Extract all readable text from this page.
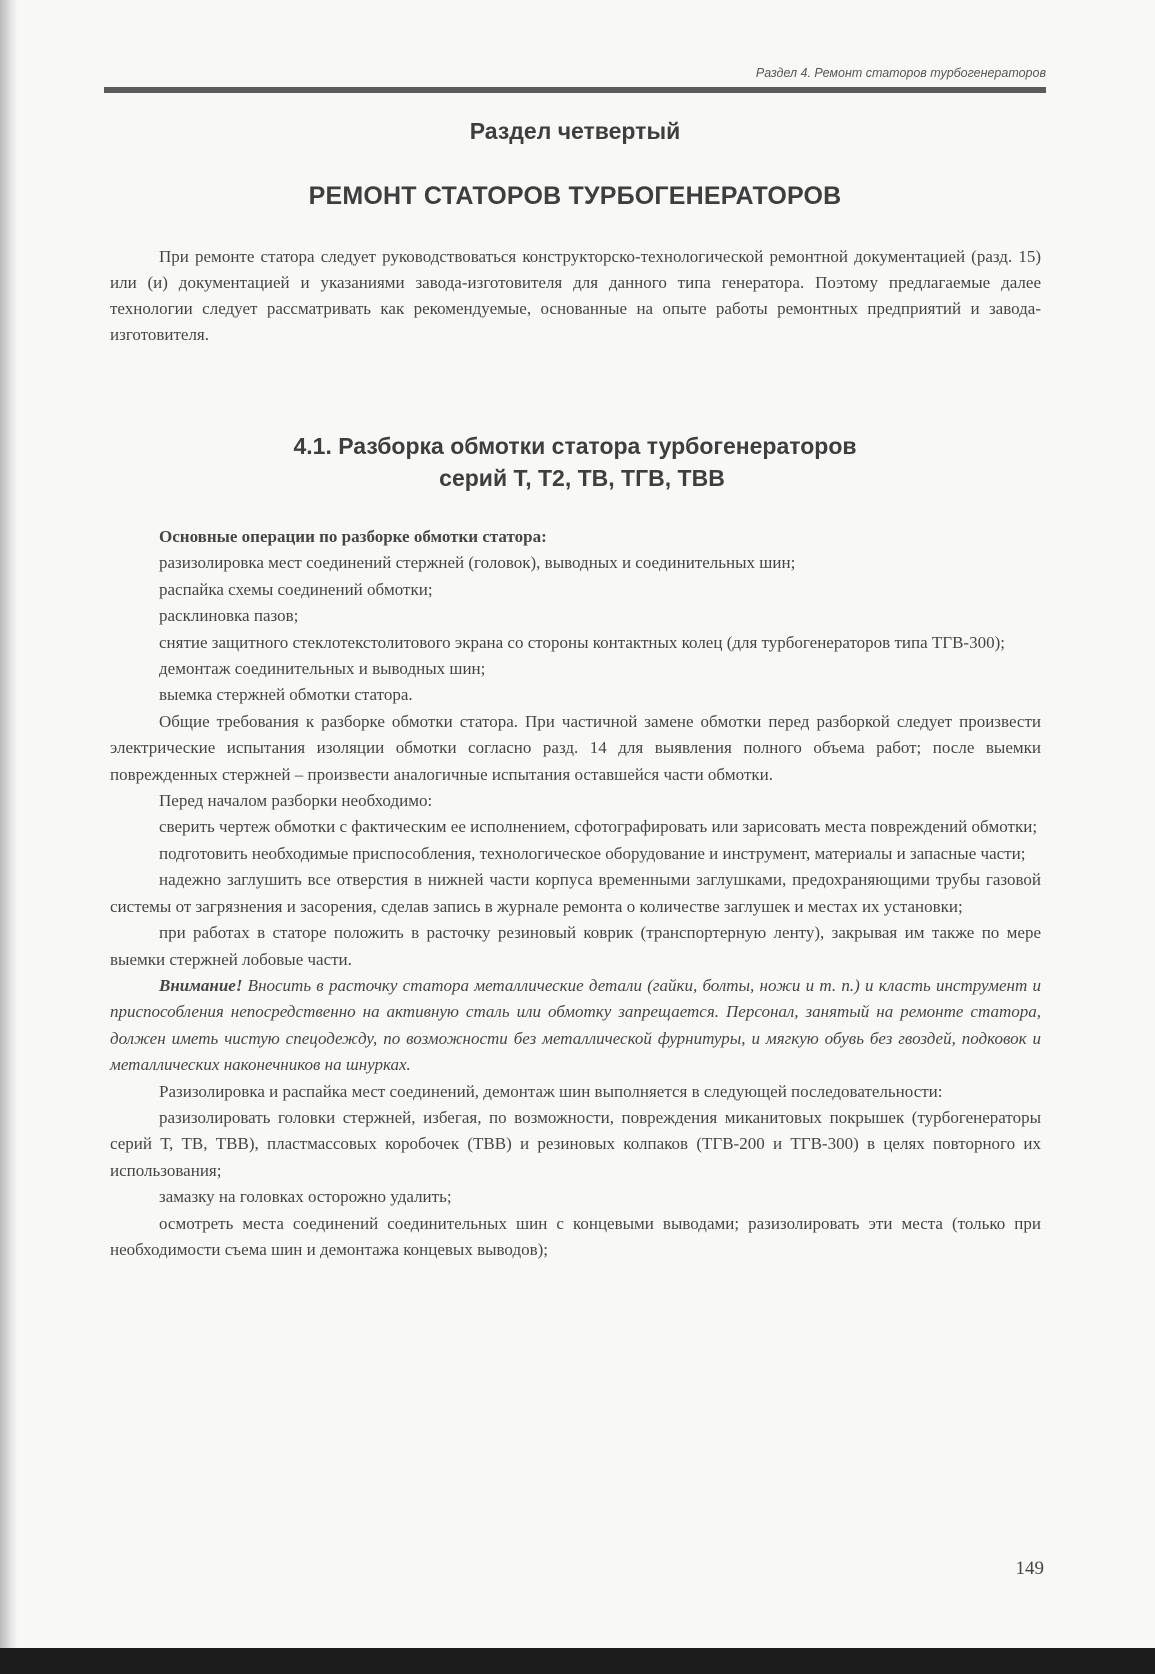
Раздел 4. Ремонт статоров турбогенераторов
Раздел четвертый
РЕМОНТ СТАТОРОВ ТУРБОГЕНЕРАТОРОВ

При ремонте статора следует руководствоваться конструкторско-технологической ремонтной документацией (разд. 15) или (и) документацией и указаниями завода-изготовителя для данного типа генератора. Поэтому предлагаемые далее технологии следует рассматривать как рекомендуемые, основанные на опыте работы ремонтных предприятий и завода-изготовителя.

4.1. Разборка обмотки статора турбогенераторов
серий Т, Т2, ТВ, ТГВ, ТВВ

Основные операции по разборке обмотки статора:

разизолировка мест соединений стержней (головок), выводных и соединительных шин;

распайка схемы соединений обмотки;

расклиновка пазов;

снятие защитного стеклотекстолитового экрана со стороны контактных колец (для турбогенераторов типа ТГВ-300);

демонтаж соединительных и выводных шин;

выемка стержней обмотки статора.

Общие требования к разборке обмотки статора. При частичной замене обмотки перед разборкой следует произвести электрические испытания изоляции обмотки согласно разд. 14 для выявления полного объема работ; после выемки поврежденных стержней – произвести аналогичные испытания оставшейся части обмотки.

Перед началом разборки необходимо:

сверить чертеж обмотки с фактическим ее исполнением, сфотографировать или зарисовать места повреждений обмотки;

подготовить необходимые приспособления, технологическое оборудование и инструмент, материалы и запасные части;

надежно заглушить все отверстия в нижней части корпуса временными заглушками, предохраняющими трубы газовой системы от загрязнения и засорения, сделав запись в журнале ремонта о количестве заглушек и местах их установки;

при работах в статоре положить в расточку резиновый коврик (транспортерную ленту), закрывая им также по мере выемки стержней лобовые части.

Внимание! Вносить в расточку статора металлические детали (гайки, болты, ножи и т. п.) и класть инструмент и приспособления непосредственно на активную сталь или обмотку запрещается. Персонал, занятый на ремонте статора, должен иметь чистую спецодежду, по возможности без металлической фурнитуры, и мягкую обувь без гвоздей, подковок и металлических наконечников на шнурках.

Разизолировка и распайка мест соединений, демонтаж шин выполняется в следующей последовательности:

разизолировать головки стержней, избегая, по возможности, повреждения миканитовых покрышек (турбогенераторы серий Т, ТВ, ТВВ), пластмассовых коробочек (ТВВ) и резиновых колпаков (ТГВ-200 и ТГВ-300) в целях повторного их использования;

замазку на головках осторожно удалить;

осмотреть места соединений соединительных шин с концевыми выводами; разизолировать эти места (только при необходимости съема шин и демонтажа концевых выводов);

149
